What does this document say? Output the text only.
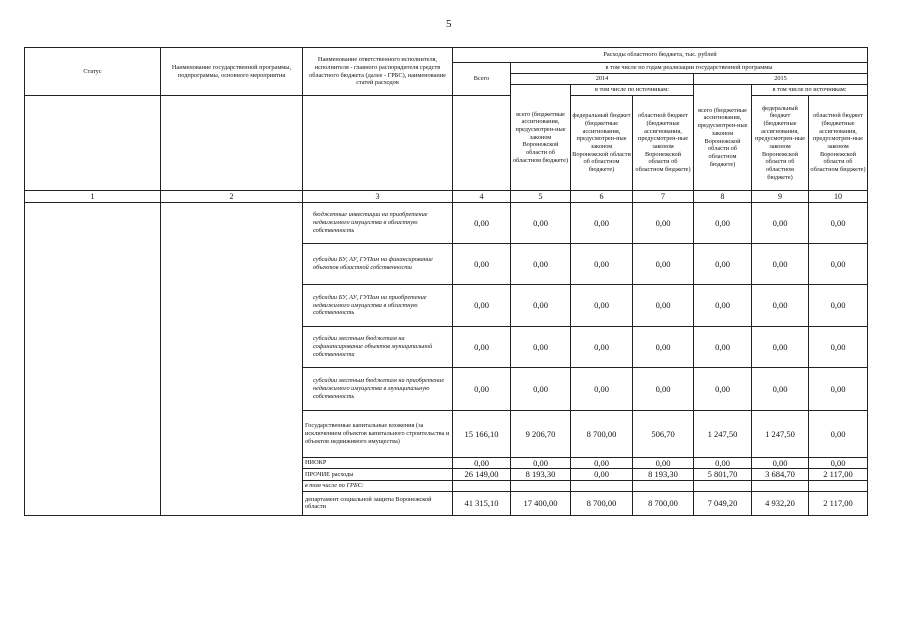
5
Статус	Наименование государственной программы, подпрограммы, основного мероприятия	Наименование ответственного исполнителя, исполнителя - главного распорядителя средств областного бюджета (далее - ГРБС), наименование статей расходов	Расходы областного бюджета, тыс. рублей						
			Всего	в том числе по годам реализации государственной программы					
				2014			2015		
				всего (бюджетные ассигнования, предусмотрен-ные законом Воронежской области об областном бюджете)	в том числе по источникам:		всего (бюджетные ассигнования, предусмотрен-ные законом Воронежской области об областном бюджете)	в том числе по источникам:	
					федеральный бюджет (бюджетные ассигнования, предусмотрен-ные законом Воронежской области об областном бюджете)	областной бюджет (бюджетные ассигнования, предусмотрен-ные законом Воронежской области об областном бюджете)		федеральный бюджет (бюджетные ассигнования, предусмотрен-ные законом Воронежской области об областном бюджете)	областной бюджет (бюджетные ассигнования, предусмотрен-ные законом Воронежской области об областном бюджете)
1	2	3	4	5	6	7	8	9	10
		бюджетные инвестиции на приобретение недвижимого имущества в областную собственность	0,00	0,00	0,00	0,00	0,00	0,00	0,00
		субсидии БУ, АУ, ГУПам на финансирование объектов областной собственности	0,00	0,00	0,00	0,00	0,00	0,00	0,00
		субсидии БУ, АУ, ГУПам на приобретение недвижимого имущества в областную собственность	0,00	0,00	0,00	0,00	0,00	0,00	0,00
		субсидии местным бюджетам на софинансирование объектов муниципальной собственности	0,00	0,00	0,00	0,00	0,00	0,00	0,00
		субсидии местным бюджетам на приобретение недвижимого имущества в муниципальную собственность	0,00	0,00	0,00	0,00	0,00	0,00	0,00
		Государственные капитальные вложения (за исключением объектов капитального строительства и объектов недвижимого имущества)	15 166,10	9 206,70	8 700,00	506,70	1 247,50	1 247,50	0,00
		НИОКР	0,00	0,00	0,00	0,00	0,00	0,00	0,00
		ПРОЧИЕ расходы	26 149,00	8 193,30	0,00	8 193,30	5 801,70	3 684,70	2 117,00
		в том числе по ГРБС:							
		департамент социальной защиты Воронежской области	41 315,10	17 400,00	8 700,00	8 700,00	7 049,20	4 932,20	2 117,00
